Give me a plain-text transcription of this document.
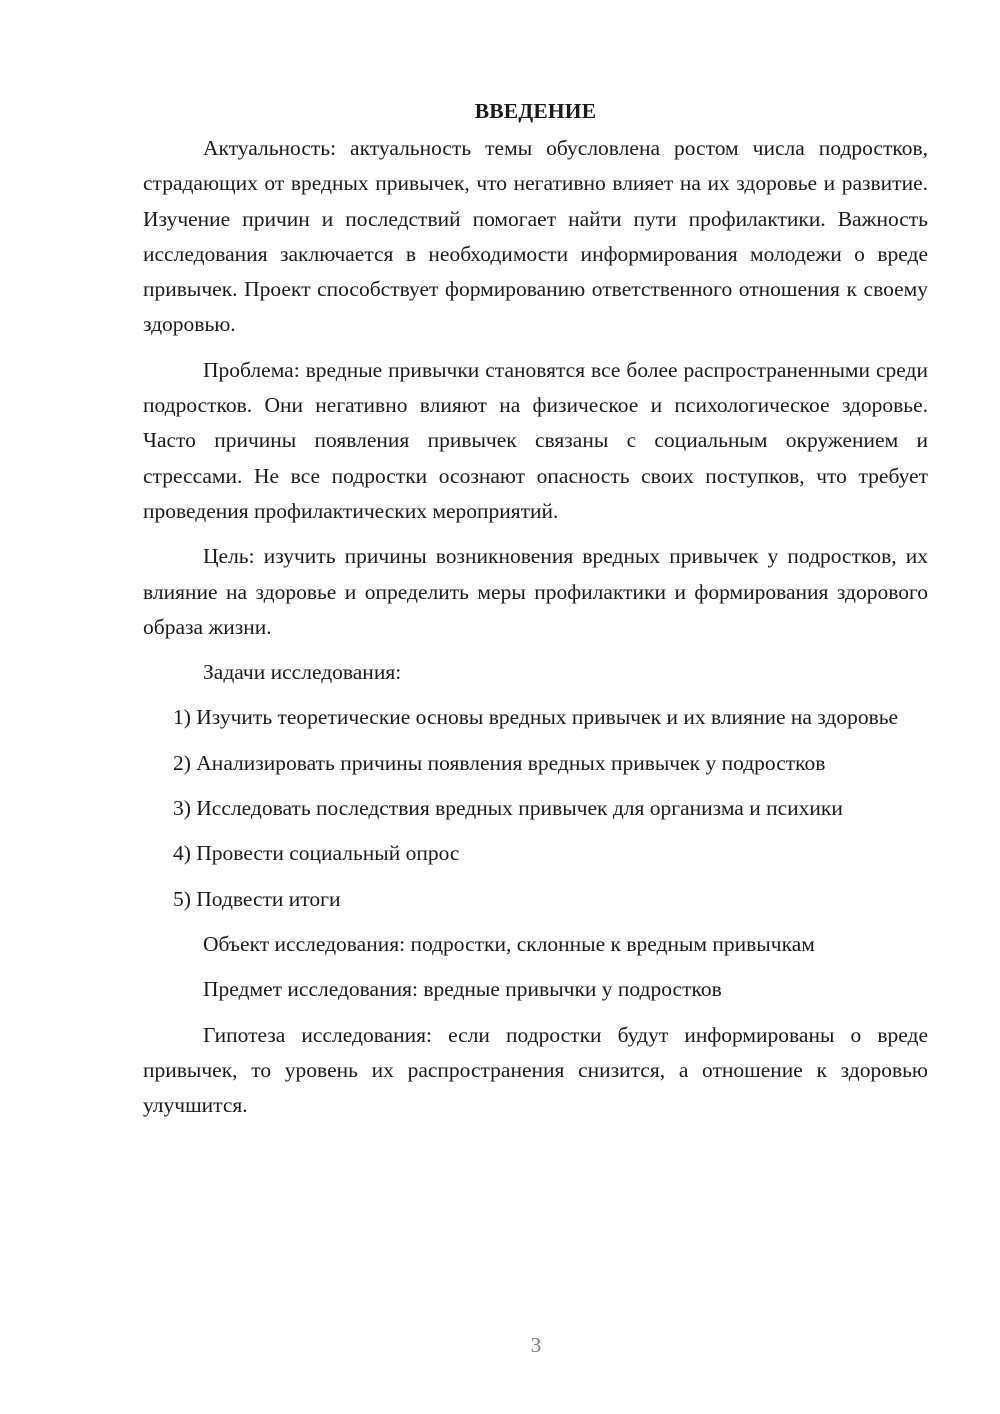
ВВЕДЕНИЕ

Актуальность: актуальность темы обусловлена ростом числа подростков, страдающих от вредных привычек, что негативно влияет на их здоровье и развитие. Изучение причин и последствий помогает найти пути профилактики. Важность исследования заключается в необходимости информирования молодежи о вреде привычек. Проект способствует формированию ответственного отношения к своему здоровью.

Проблема: вредные привычки становятся все более распространенными среди подростков. Они негативно влияют на физическое и психологическое здоровье. Часто причины появления привычек связаны с социальным окружением и стрессами. Не все подростки осознают опасность своих поступков, что требует проведения профилактических мероприятий.

Цель: изучить причины возникновения вредных привычек у подростков, их влияние на здоровье и определить меры профилактики и формирования здорового образа жизни.

Задачи исследования:

1) Изучить теоретические основы вредных привычек и их влияние на здоровье

2) Анализировать причины появления вредных привычек у подростков

3) Исследовать последствия вредных привычек для организма и психики

4) Провести социальный опрос

5) Подвести итоги

Объект исследования: подростки, склонные к вредным привычкам

Предмет исследования: вредные привычки у подростков

Гипотеза исследования: если подростки будут информированы о вреде привычек, то уровень их распространения снизится, а отношение к здоровью улучшится.

3
